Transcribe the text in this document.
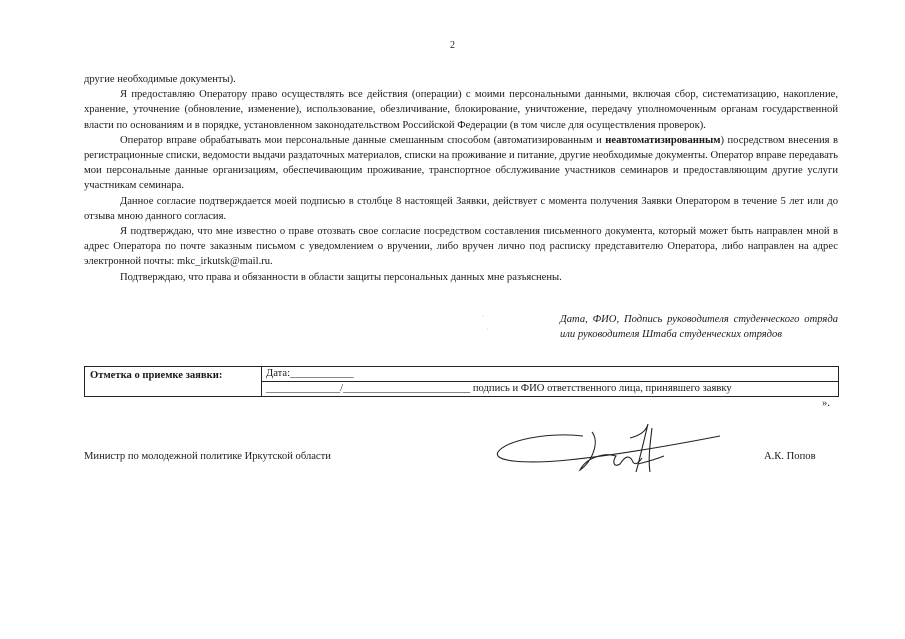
2

другие необходимые документы).

Я предоставляю Оператору право осуществлять все действия (операции) с моими персональными данными, включая сбор, систематизацию, накопление, хранение, уточнение (обновление, изменение), использование, обезличивание, блокирование, уничтожение, передачу уполномоченным органам государственной власти по основаниям и в порядке, установленном законодательством Российской Федерации (в том числе для осуществления проверок).

Оператор вправе обрабатывать мои персональные данные смешанным способом (автоматизированным и неавтоматизированным) посредством внесения в регистрационные списки, ведомости выдачи раздаточных материалов, списки на проживание и питание, другие необходимые документы. Оператор вправе передавать мои персональные данные организациям, обеспечивающим проживание, транспортное обслуживание участников семинаров и предоставляющим другие услуги участникам семинара.

Данное согласие подтверждается моей подписью в столбце 8 настоящей Заявки, действует с момента получения Заявки Оператором в течение 5 лет или до отзыва мною данного согласия.

Я подтверждаю, что мне известно о праве отозвать свое согласие посредством составления письменного документа, который может быть направлен мной в адрес Оператора по почте заказным письмом с уведомлением о вручении, либо вручен лично под расписку представителю Оператора, либо направлен на адрес электронной почты: mkc_irkutsk@mail.ru.

Подтверждаю, что права и обязанности в области защиты персональных данных мне разъяснены.

·
·
Дата, ФИО, Подпись руководителя студенческого отряда или руководителя Штаба студенческих отрядов
Отметка о приемке заявки:	Дата:____________
______________/________________________ подпись и ФИО ответственного лица, принявшего заявку
».
Министр по молодежной политике Иркутской области	А.К. Попов
